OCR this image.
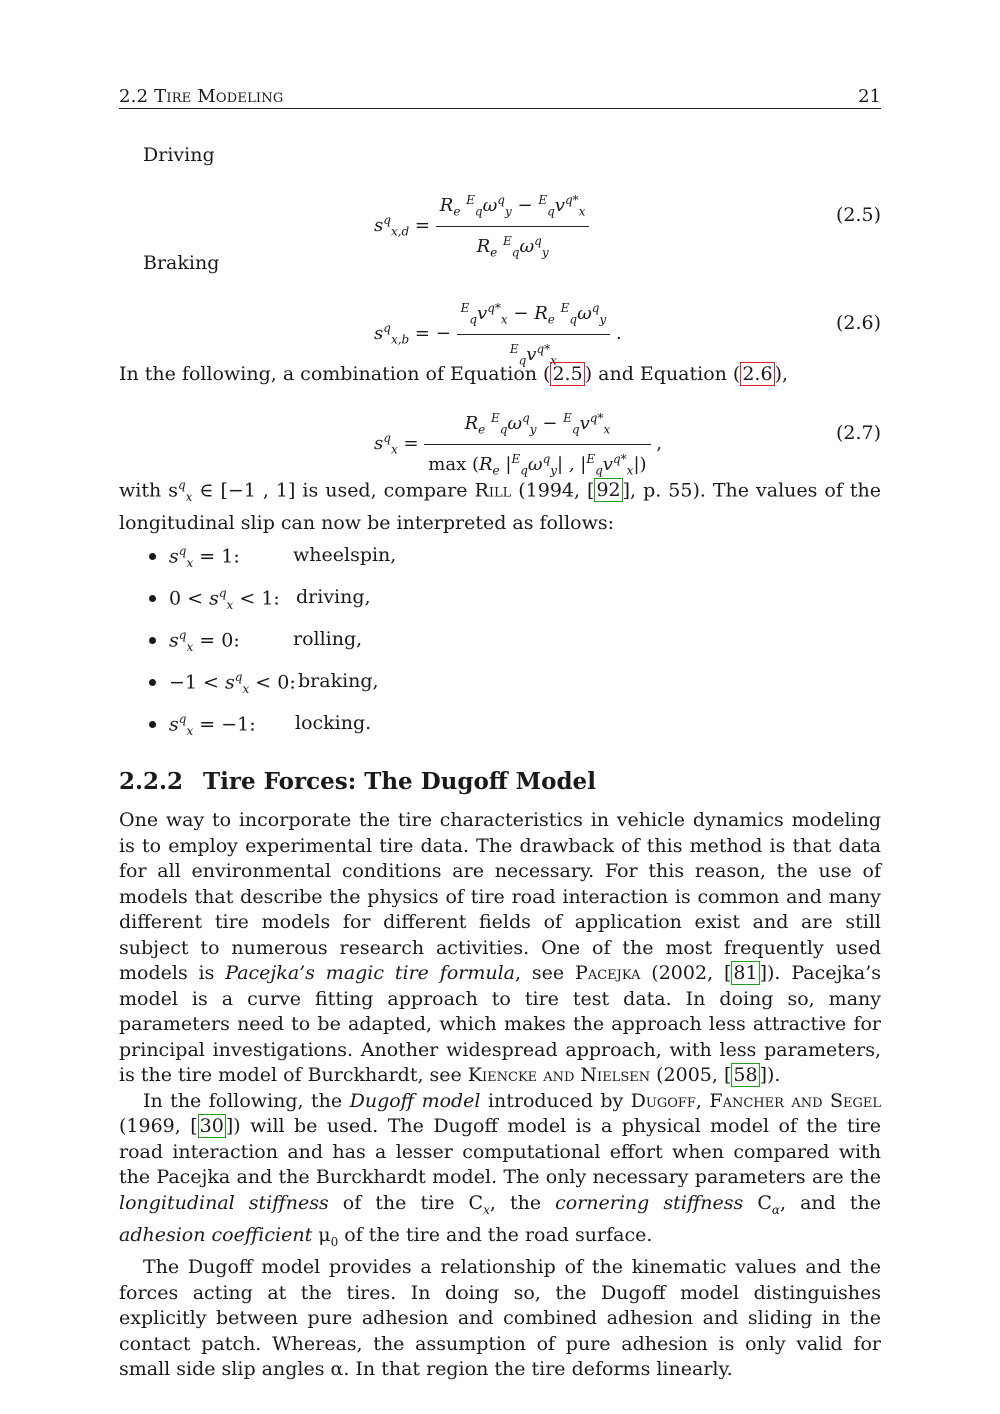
2.2 Tire Modeling	21
Driving
$s^q_{x,d} = \frac{R_e ^E_q\omega^q_y - ^E_qv^{q*}_x}{R_e ^E_q\omega^q_y}$	(2.5)
Braking
$s^q_{x,b}$ = − $\frac{^E_qv^{q*}_x - R_e ^E_q\omega^q_y}{^E_qv^{q*}_x}$ .	(2.6)
In the following, a combination of Equation ( 2.5 ) and Equation ( 2.6 ),
$s^q_x = \frac{R_e ^E_q\omega^q_y - ^E_qv^{q*}_x}{\max (R_e |^E_q\omega^q_y| , |^E_qv^{q*}_x|)}$ ,	(2.7)
with $s^q_x$ ∈ [−1 , 1] is used, compare Rill (1994, [ 92 ], p. 55). The values of the longitudinal slip can now be interpreted as follows:
$s^q_x = 1$:	wheelspin,
$0 < s^q_x < 1$: driving,
$s^q_x = 0$:	rolling,
$-1 < s^q_x < 0$: braking,
$s^q_x = -1$: locking.
2.2.2 Tire Forces: The Dugoff Model

One way to incorporate the tire characteristics in vehicle dynamics modeling is to employ experimental tire data. The drawback of this method is that data for all environmental conditions are necessary. For this reason, the use of models that describe the physics of tire road interaction is common and many different tire models for different fields of application exist and are still subject to numerous research activities. One of the most frequently used models is Pacejka’s magic tire formula, see Pacejka (2002, [ 81 ]). Pacejka’s model is a curve fitting approach to tire test data. In doing so, many parameters need to be adapted, which makes the approach less attractive for principal investigations. Another widespread approach, with less parameters, is the tire model of Burckhardt, see Kiencke and Nielsen (2005, [ 58 ]).

In the following, the Dugoff model introduced by Dugoff, Fancher and Segel (1969, [ 30 ]) will be used. The Dugoff model is a physical model of the tire road interaction and has a lesser computational effort when compared with the Pacejka and the Burckhardt model. The only necessary parameters are the longitudinal stiffness of the tire $C_x$, the cornering stiffness $C_\alpha$, and the adhesion coefficient $\mu_0$ of the tire and the road surface.

The Dugoff model provides a relationship of the kinematic values and the forces acting at the tires. In doing so, the Dugoff model distinguishes explicitly between pure adhesion and combined adhesion and sliding in the contact patch. Whereas, the assumption of pure adhesion is only valid for small side slip angles α. In that region the tire deforms linearly.
